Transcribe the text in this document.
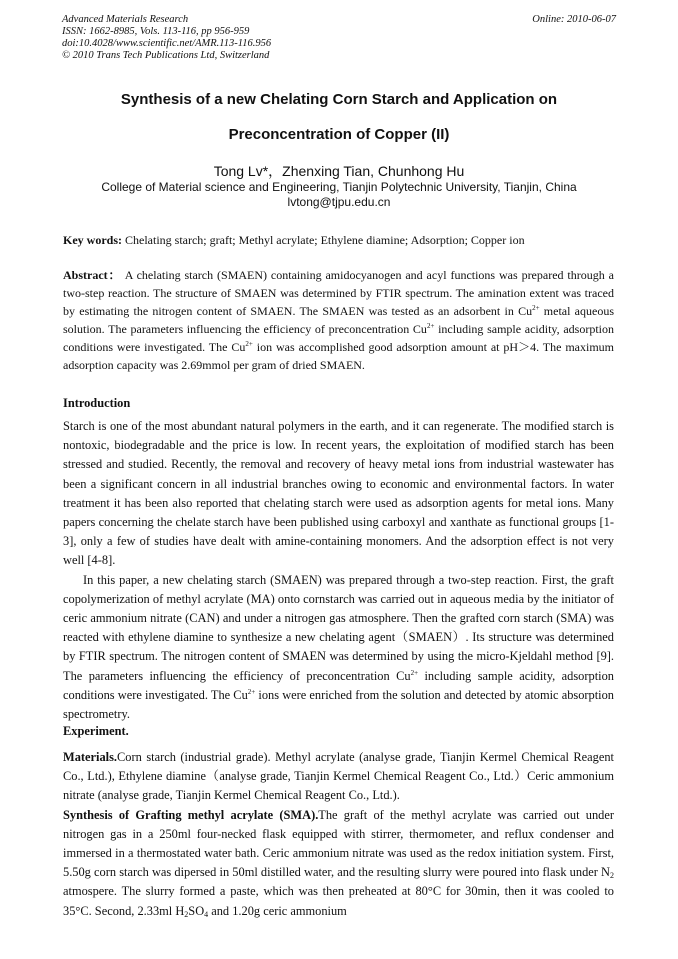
Advanced Materials Research
ISSN: 1662-8985, Vols. 113-116, pp 956-959
doi:10.4028/www.scientific.net/AMR.113-116.956
© 2010 Trans Tech Publications Ltd, Switzerland
Online: 2010-06-07
Synthesis of a new Chelating Corn Starch and Application on
Preconcentration of Copper (II)
Tong Lv*，Zhenxing Tian, Chunhong Hu
College of Material science and Engineering, Tianjin Polytechnic University, Tianjin, China
lvtong@tjpu.edu.cn
Key words: Chelating starch; graft; Methyl acrylate; Ethylene diamine; Adsorption; Copper ion
Abstract： A chelating starch (SMAEN) containing amidocyanogen and acyl functions was prepared through a two-step reaction. The structure of SMAEN was determined by FTIR spectrum. The amination extent was traced by estimating the nitrogen content of SMAEN. The SMAEN was tested as an adsorbent in $Cu^{2+}$ metal aqueous solution. The parameters influencing the efficiency of preconcentration $Cu^{2+}$ including sample acidity, adsorption conditions were investigated. The $Cu^{2+}$ ion was accomplished good adsorption amount at pH＞4. The maximum adsorption capacity was 2.69mmol per gram of dried SMAEN.
Introduction
Starch is one of the most abundant natural polymers in the earth, and it can regenerate. The modified starch is nontoxic, biodegradable and the price is low. In recent years, the exploitation of modified starch has been stressed and studied. Recently, the removal and recovery of heavy metal ions from industrial wastewater has been a significant concern in all industrial branches owing to economic and environmental factors. In water treatment it has been also reported that chelating starch were used as adsorption agents for metal ions. Many papers concerning the chelate starch have been published using carboxyl and xanthate as functional groups [1-3], only a few of studies have dealt with amine-containing monomers. And the adsorption effect is not very well [4-8].
In this paper, a new chelating starch (SMAEN) was prepared through a two-step reaction. First, the graft copolymerization of methyl acrylate (MA) onto cornstarch was carried out in aqueous media by the initiator of ceric ammonium nitrate (CAN) and under a nitrogen gas atmosphere. Then the grafted corn starch (SMA) was reacted with ethylene diamine to synthesize a new chelating agent（SMAEN）. Its structure was determined by FTIR spectrum. The nitrogen content of SMAEN was determined by using the micro-Kjeldahl method [9]. The parameters influencing the efficiency of preconcentration $Cu^{2+}$ including sample acidity, adsorption conditions were investigated. The $Cu^{2+}$ ions were enriched from the solution and detected by atomic absorption spectrometry.
Experiment.
Materials.Corn starch (industrial grade). Methyl acrylate (analyse grade, Tianjin Kermel Chemical Reagent Co., Ltd.), Ethylene diamine（analyse grade, Tianjin Kermel Chemical Reagent Co., Ltd.）Ceric ammonium nitrate (analyse grade, Tianjin Kermel Chemical Reagent Co., Ltd.).
Synthesis of Grafting methyl acrylate (SMA).The graft of the methyl acrylate was carried out under nitrogen gas in a 250ml four-necked flask equipped with stirrer, thermometer, and reflux condenser and immersed in a thermostated water bath. Ceric ammonium nitrate was used as the redox initiation system. First, 5.50g corn starch was dipersed in 50ml distilled water, and the resulting slurry were poured into flask under $N_2$ atmospere. The slurry formed a paste, which was then preheated at 80°C for 30min, then it was cooled to 35°C. Second, 2.33ml $H_2SO_4$ and 1.20g ceric ammonium
